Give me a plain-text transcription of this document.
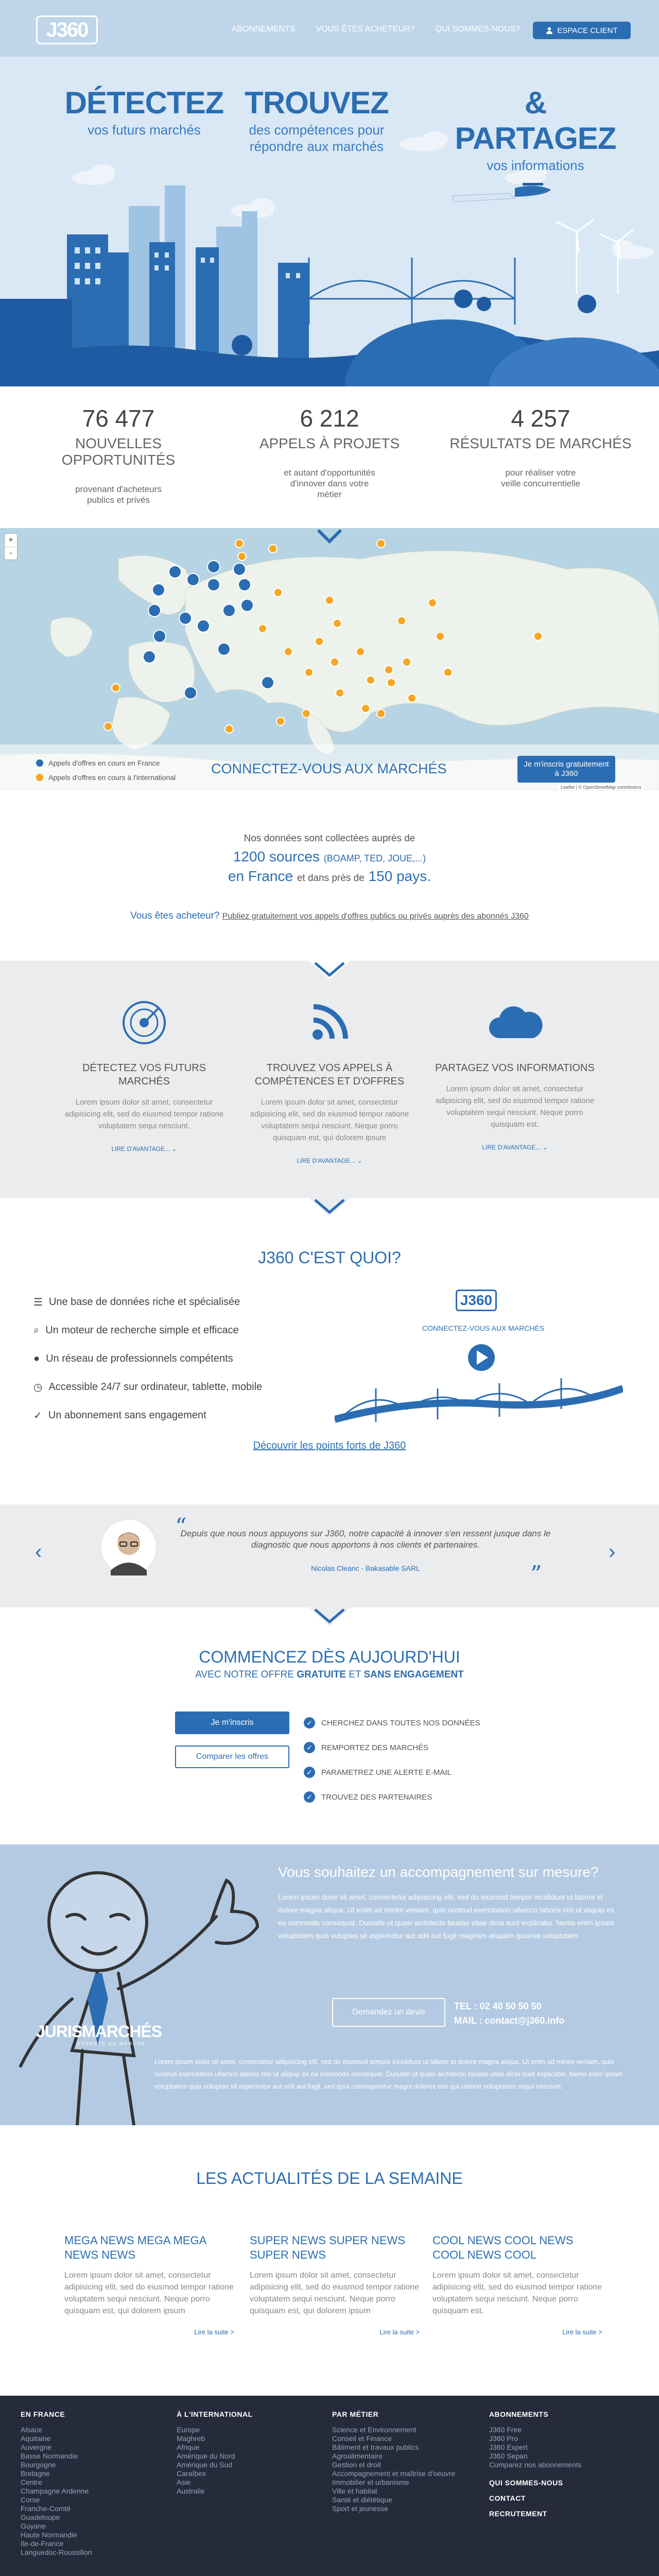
J360	ABONNEMENTS	VOUS ÊTES ACHETEUR?	QUI SOMMES-NOUS?	ESPACE CLIENT
DÉTECTEZ
vos futurs marchés
TROUVEZ
des compétences pour répondre aux marchés
& PARTAGEZ
vos informations
76 477
NOUVELLES OPPORTUNITÉS
provenant d'acheteurs publics et privés
6 212
APPELS À PROJETS
et autant d'opportunités d'innover dans votre métier
4 257
RÉSULTATS DE MARCHÉS
pour réaliser votre veille concurrentielle
+
-
Appels d'offres en cours en France
Appels d'offres en cours à l'international
CONNECTEZ-VOUS AUX MARCHÉS	Je m'inscris gratuitement à J360
Leaflet | © OpenStreetMap contributors
Nos données sont collectées auprès de
1200 sources (BOAMP, TED, JOUE,...)
en France et dans près de 150 pays.
Vous êtes acheteur? Publiez gratuitement vos appels d'offres publics ou privés auprès des abonnés J360
DÉTECTEZ VOS FUTURS MARCHÉS
Lorem ipsum dolor sit amet, consectetur adipisicing elit, sed do eiusmod tempor ratione voluptatem sequi nesciunt.
LIRE D'AVANTAGE... ⌄
TROUVEZ VOS APPELS À COMPÉTENCES ET D'OFFRES
Lorem ipsum dolor sit amet, consectetur adipisicing elit, sed do eiusmod tempor ratione voluptatem sequi nesciunt. Neque porro quisquam est, qui dolorem ipsum
LIRE D'AVANTAGE... ⌄
PARTAGEZ VOS INFORMATIONS
Lorem ipsum dolor sit amet, consectetur adipisicing elit, sed do eiusmod tempor ratione voluptatem sequi nesciunt. Neque porro quisquam est.
LIRE D'AVANTAGE... ⌄
J360 C'EST QUOI?
☰ Une base de données riche et spécialisée
⌕ Un moteur de recherche simple et efficace
● Un réseau de professionnels compétents
◷ Accessible 24/7 sur ordinateur, tablette, mobile
✓ Un abonnement sans engagement
J360
CONNECTEZ-VOUS AUX MARCHÉS
Découvrir les points forts de J360
‹	›
“
Depuis que nous nous appuyons sur J360, notre capacité à innover s'en ressent jusque dans le diagnostic que nous apportons à nos clients et partenaires.
Nicolas Cleanc - Bakasable SARL	”
COMMENCEZ DÈS AUJOURD'HUI
AVEC NOTRE OFFRE GRATUITE ET SANS ENGAGEMENT
Je m'inscris
Comparer les offres
✓	CHERCHEZ DANS TOUTES NOS DONNÉES
✓	REMPORTEZ DES MARCHÉS
✓	PARAMETREZ UNE ALERTE E-MAIL
✓	TROUVEZ DES PARTENAIRES
JURISMARCHÉS
EXPERTS DU MARCHÉ
Vous souhaitez un accompagnement sur mesure?
Lorem ipsum dolor sit amet, consectetur adipisicing elit, sed do eiusmod tempor incididunt ut labore et dolore magna aliqua. Ut enim ad minim veniam, quis nostrud exercitation ullamco laboris nisi ut aliquip ex ea commodo consequat. Duisaite ut quasi architecto beatae vitae dicta sunt explicabo. Nemo enim ipsam voluptatem quia voluptas sit aspernatur aut odit aut fugit magnam aliquam quaerat voluptatem.
Demandez un devis
TEL : 02 40 50 50 50
MAIL : contact@j360.info
Lorem ipsum dolor sit amet, consectetur adipisicing elit, sed do eiusmod tempor incididunt ut labore et dolore magna aliqua. Ut enim ad minim veniam, quis nostrud exercitation ullamco laboris nisi ut aliquip ex ea commodo consequat. Duisaite ut quasi architecto beatae vitae dicta sunt explicabo. Nemo enim ipsam voluptatem quia voluptas sit aspernatur aut odit aut fugit, sed quia consequuntur magni dolores eos qui ratione voluptatem sequi nesciunt.
LES ACTUALITÉS DE LA SEMAINE
MEGA NEWS MEGA MEGA NEWS NEWS
Lorem ipsum dolor sit amet, consectetur adipisicing elit, sed do eiusmod tempor ratione voluptatem sequi nesciunt. Neque porro quisquam est, qui dolorem ipsum
Lire la suite >
SUPER NEWS SUPER NEWS SUPER NEWS
Lorem ipsum dolor sit amet, consectetur adipisicing elit, sed do eiusmod tempor ratione voluptatem sequi nesciunt. Neque porro quisquam est, qui dolorem ipsum
Lire la suite >
COOL NEWS COOL NEWS COOL NEWS COOL
Lorem ipsum dolor sit amet, consectetur adipisicing elit, sed do eiusmod tempor ratione voluptatem sequi nesciunt. Neque porro quisquam est.
Lire la suite >
EN FRANCE
Alsace
Aquitaine
Auvergne
Basse Normandie
Bourgogne
Bretagne
Centre
Champagne Ardenne
Corse
Franche-Comté
Guadeloupe
Guyane
Haute Normandie
Ile-de-France
Languedoc-Roussillon
À L'INTERNATIONAL
Europe
Maghreb
Afrique
Amérique du Nord
Amérique du Sud
Caraïbes
Asie
Australie
PAR MÉTIER
Science et Environnement
Conseil et Finance
Bâtiment et travaux publics
Agroalimentaire
Gestion et droit
Accompagnement et maîtrise d'oeuvre
Immobilier et urbanisme
Ville et habitat
Santé et diététique
Sport et jeunesse
ABONNEMENTS
J360 Free
J360 Pro
J360 Expert
J360 Sepan
Comparez nos abonnements
QUI SOMMES-NOUS
CONTACT
RECRUTEMENT
